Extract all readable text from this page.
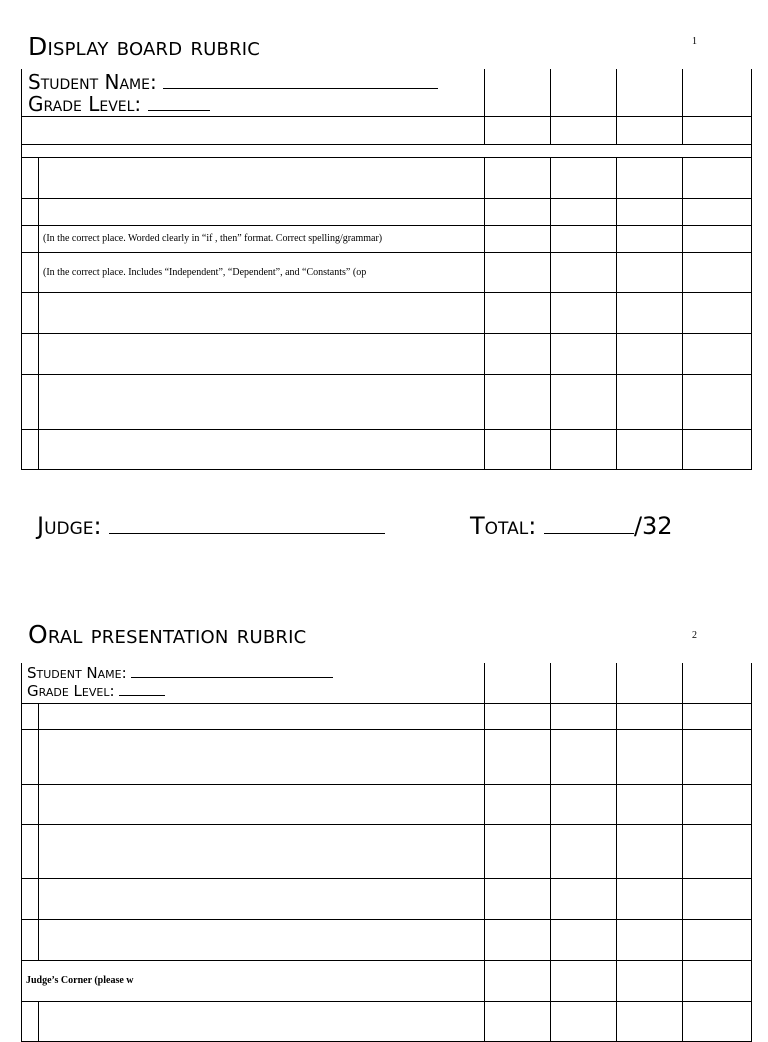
Display board rubric	1
Student Name:
Grade Level:					

	(In the correct place. Worded clearly in “if , then” format. Correct spelling/grammar)				
	(In the correct place. Includes “Independent”, “Dependent”, and “Constants” (op				

Judge:	Total:	/32
Oral presentation rubric	2
Student Name:
Grade Level:					

Judge’s Corner (please w					
